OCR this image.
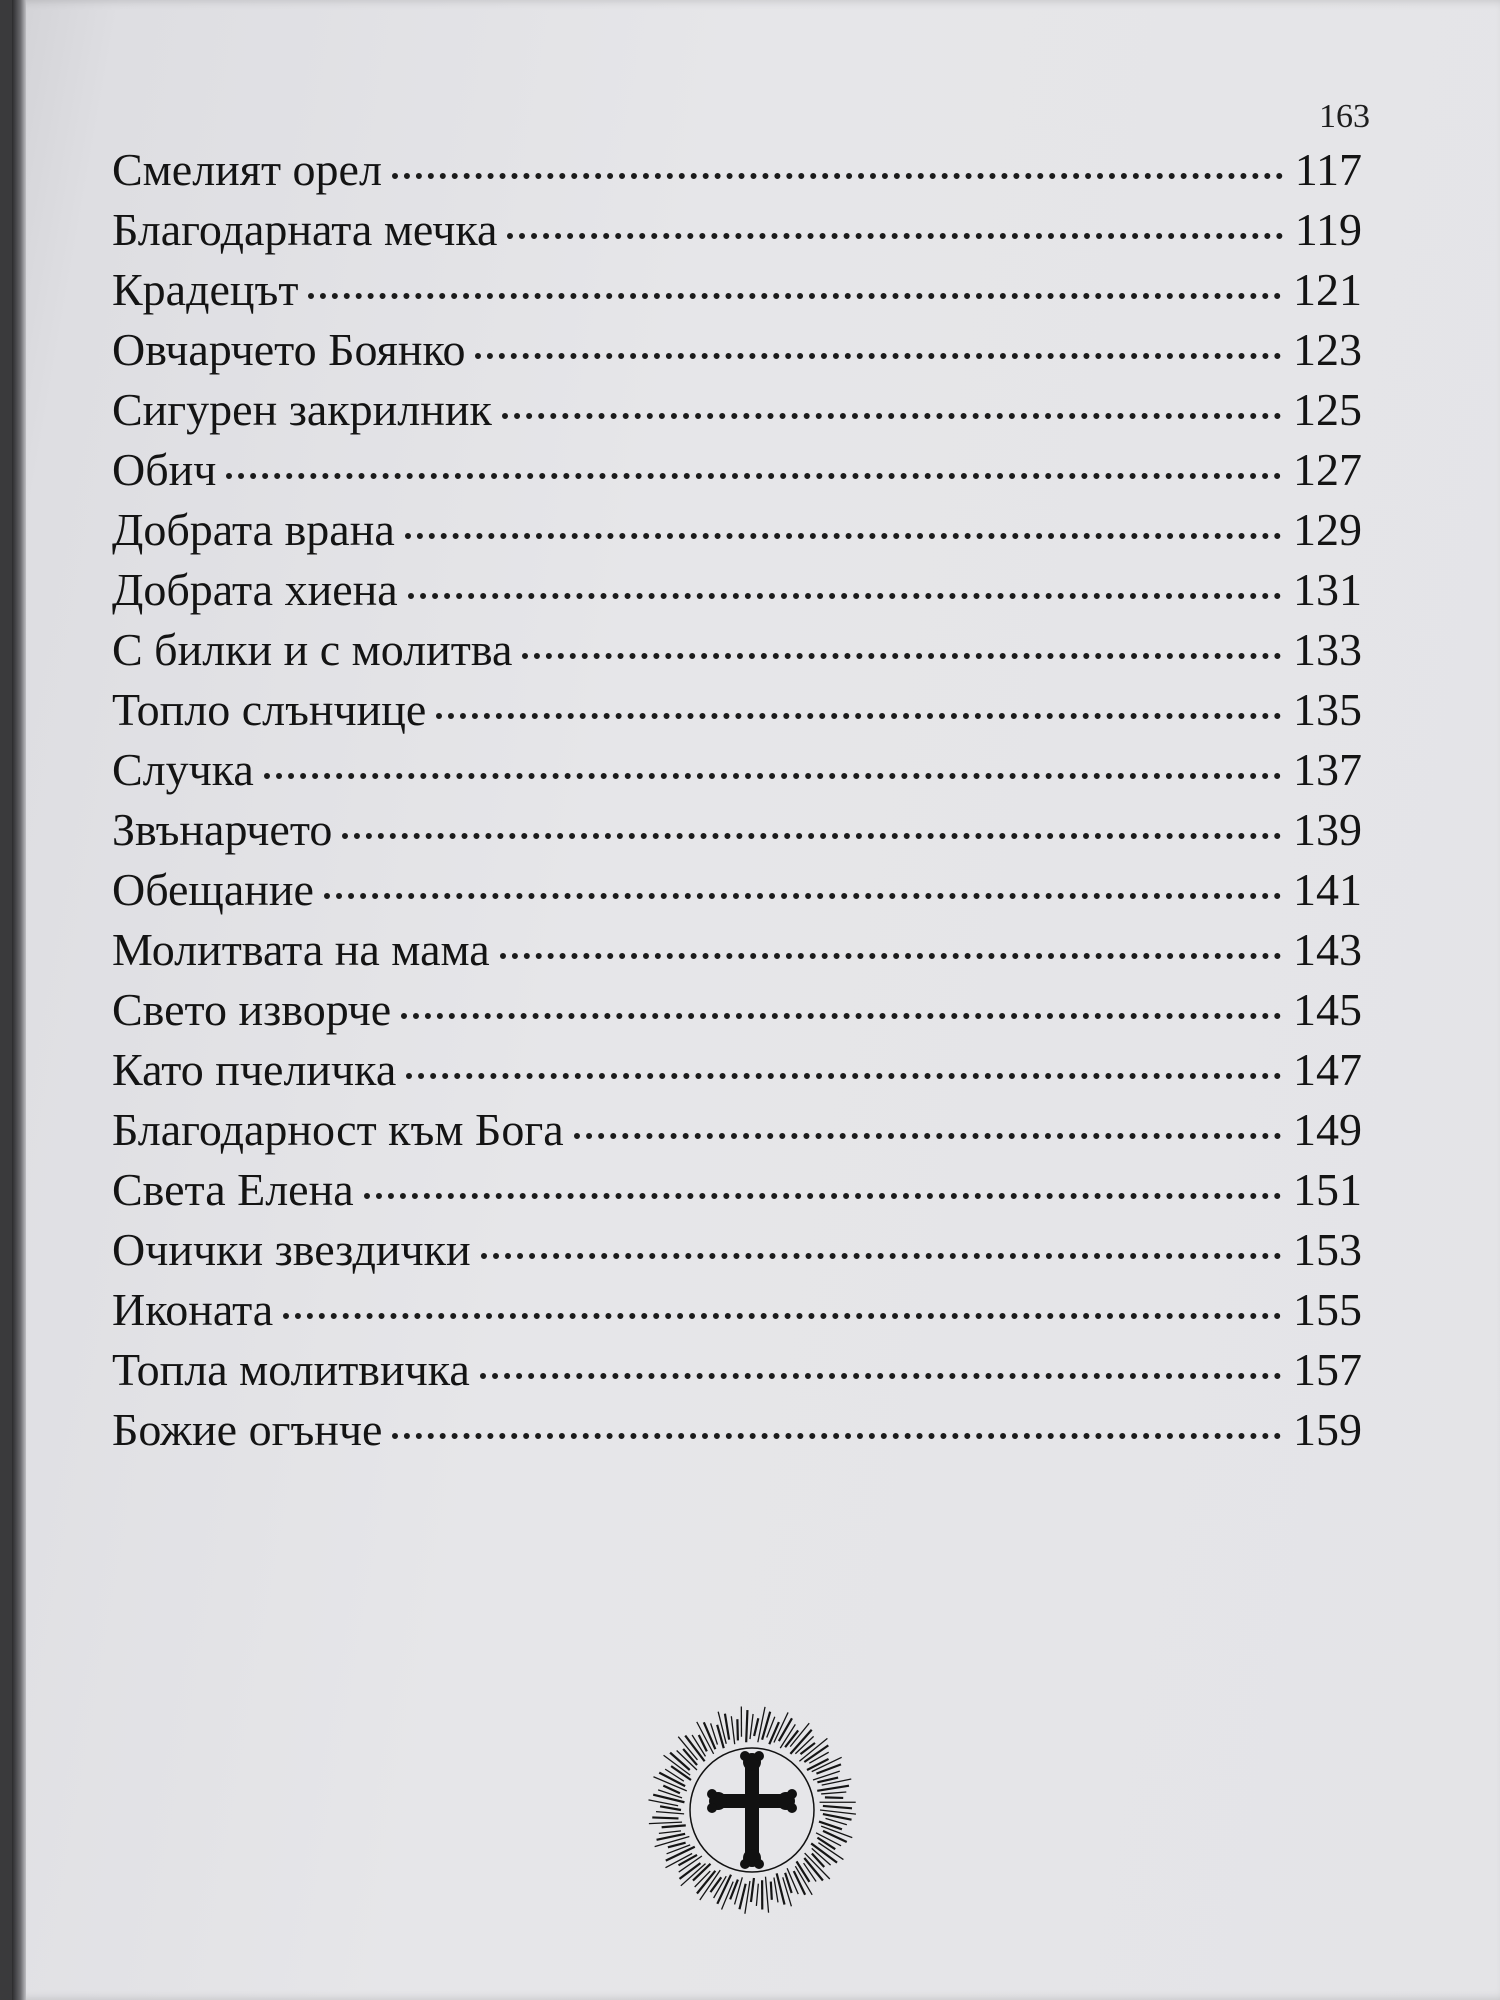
163
Смелият орел	117
Благодарната мечка	119
Крадецът	121
Овчарчето Боянко	123
Сигурен закрилник	125
Обич	127
Добрата врана	129
Добрата хиена	131
С билки и с молитва	133
Топло слънчице	135
Случка	137
Звънарчето	139
Обещание	141
Молитвата на мама	143
Свето изворче	145
Като пчеличка	147
Благодарност към Бога	149
Света Елена	151
Очички звездички	153
Иконата	155
Топла молитвичка	157
Божие огънче	159
